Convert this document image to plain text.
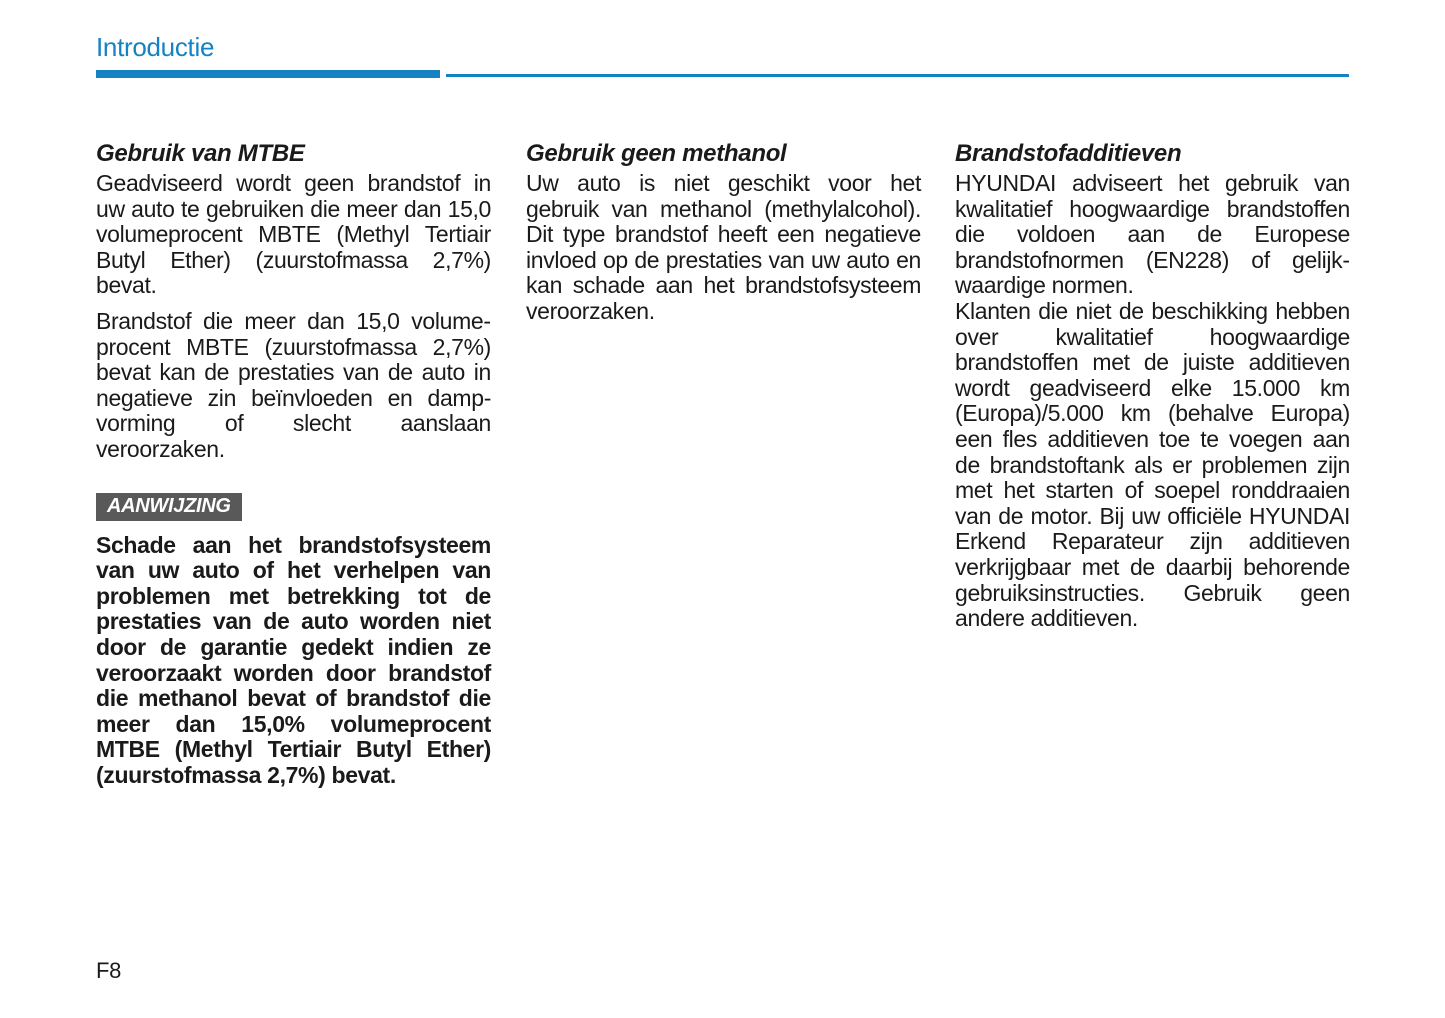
Introductie
Gebruik van MTBE

Geadviseerd wordt geen brandstof in uw auto te gebruiken die meer dan 15,0 volumeprocent MBTE (Methyl Tertiair Butyl Ether) (zuurstofmassa 2,7%) bevat.

Brandstof die meer dan 15,0 volumeprocent MBTE (zuurstofmassa 2,7%) bevat kan de prestaties van de auto in negatieve zin beïnvloeden en damp-vorming of slecht aanslaan veroorzaken.

AANWIJZING
Schade aan het brandstofsysteem van uw auto of het verhelpen van problemen met betrekking tot de prestaties van de auto worden niet door de garantie gedekt indien ze veroorzaakt worden door brandstof die methanol bevat of brandstof die meer dan 15,0% volumeprocent MTBE (Methyl Tertiair Butyl Ether) (zuurstofmassa 2,7%) bevat.
Gebruik geen methanol

Uw auto is niet geschikt voor het gebruik van methanol (methylalcohol). Dit type brandstof heeft een negatieve invloed op de prestaties van uw auto en kan schade aan het brandstofsysteem veroorzaken.

Brandstofadditieven

HYUNDAI adviseert het gebruik van kwalitatief hoogwaardige brandstoffen die voldoen aan de Europese brandstofnormen (EN228) of gelijkwaardige normen.

Klanten die niet de beschikking hebben over kwalitatief hoogwaardige brandstoffen met de juiste additieven wordt geadviseerd elke 15.000 km (Europa)/5.000 km (behalve Europa) een fles additieven toe te voegen aan de brandstoftank als er problemen zijn met het starten of soepel ronddraaien van de motor. Bij uw officiële HYUNDAI Erkend Reparateur zijn additieven verkrijgbaar met de daarbij behorende gebruiksinstructies. Gebruik geen andere additieven.

F8
